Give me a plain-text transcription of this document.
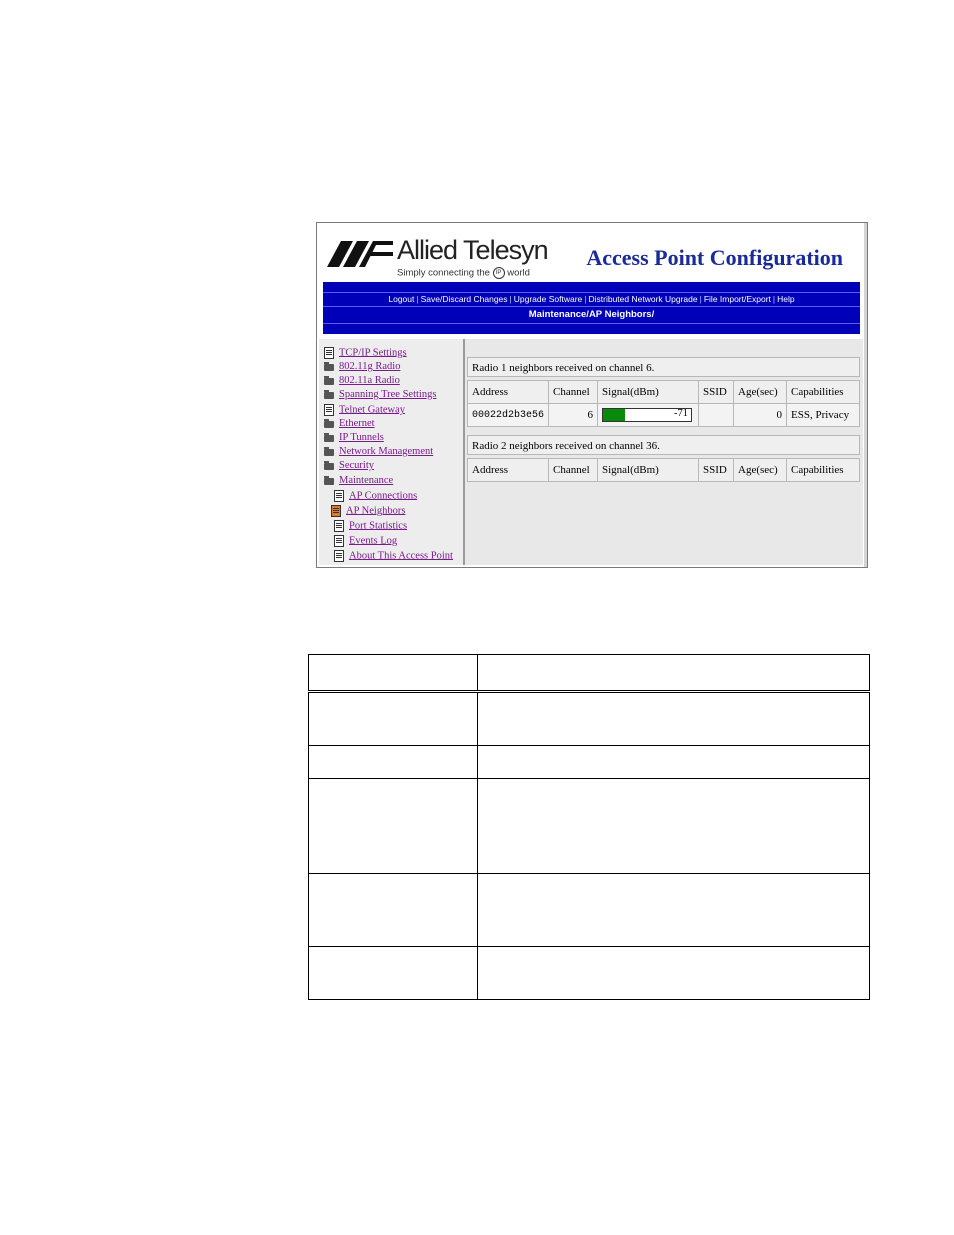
Allied Telesyn
Simply connecting the IP world
Access Point Configuration
Logout | Save/Discard Changes | Upgrade Software | Distributed Network Upgrade | File Import/Export | Help
Maintenance/AP Neighbors/
TCP/IP Settings
802.11g Radio
802.11a Radio
Spanning Tree Settings
Telnet Gateway
Ethernet
IP Tunnels
Network Management
Security
Maintenance
AP Connections
AP Neighbors
Port Statistics
Events Log
About This Access Point
Radio 1 neighbors received on channel 6.
Address	Channel	Signal(dBm)	SSID	Age(sec)	Capabilities
00022d2b3e56	6	-71		0	ESS, Privacy
Radio 2 neighbors received on channel 36.
Address	Channel	Signal(dBm)	SSID	Age(sec)	Capabilities
